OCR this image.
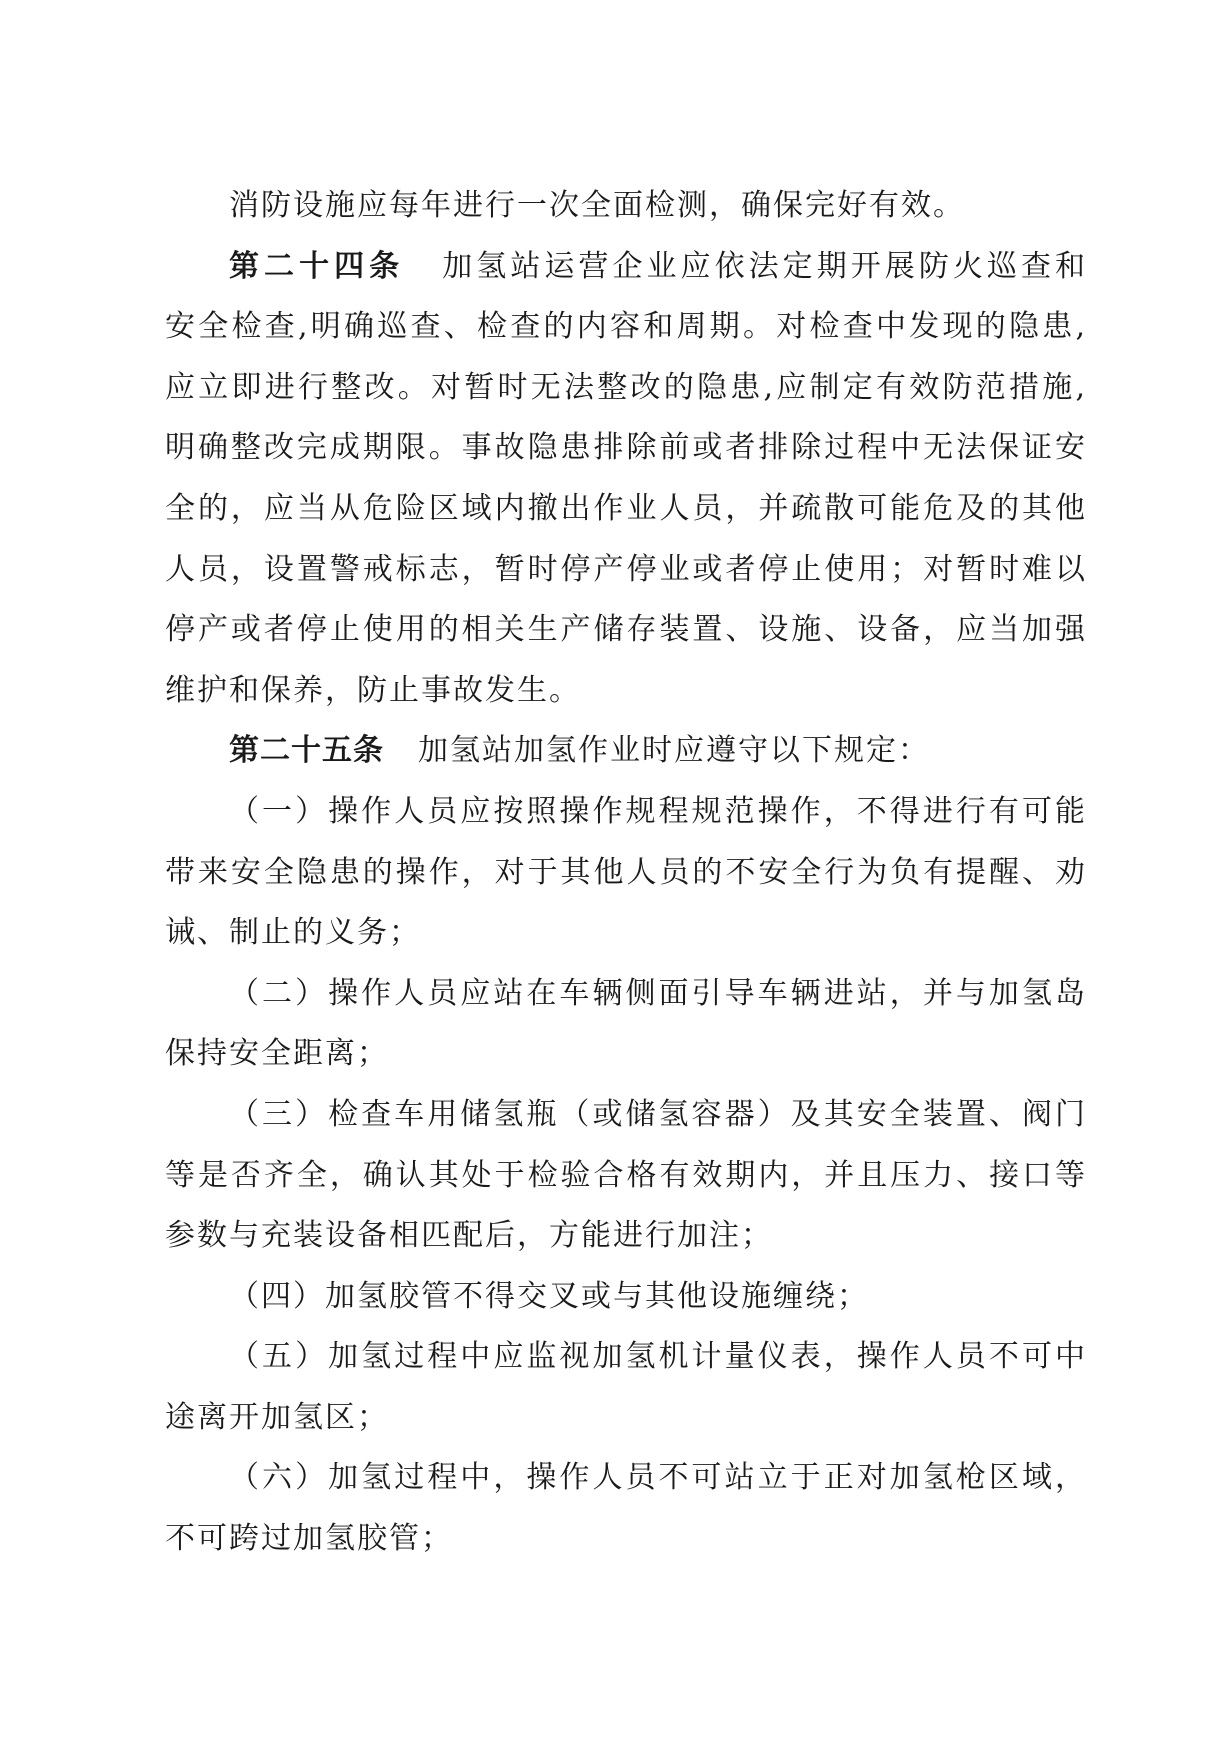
消防设施应每年进行一次全面检测，确保完好有效。
第二十四条 加氢站运营企业应依法定期开展防火巡查和
安全检查,明确巡查、检查的内容和周期。对检查中发现的隐患,
应立即进行整改。对暂时无法整改的隐患,应制定有效防范措施,
明确整改完成期限。事故隐患排除前或者排除过程中无法保证安
全的，应当从危险区域内撤出作业人员，并疏散可能危及的其他
人员，设置警戒标志，暂时停产停业或者停止使用；对暂时难以
停产或者停止使用的相关生产储存装置、设施、设备，应当加强
维护和保养，防止事故发生。
第二十五条 加氢站加氢作业时应遵守以下规定：
（一）操作人员应按照操作规程规范操作，不得进行有可能
带来安全隐患的操作，对于其他人员的不安全行为负有提醒、劝
诫、制止的义务；
（二）操作人员应站在车辆侧面引导车辆进站，并与加氢岛
保持安全距离；
（三）检查车用储氢瓶（或储氢容器）及其安全装置、阀门
等是否齐全，确认其处于检验合格有效期内，并且压力、接口等
参数与充装设备相匹配后，方能进行加注；
（四）加氢胶管不得交叉或与其他设施缠绕；
（五）加氢过程中应监视加氢机计量仪表，操作人员不可中
途离开加氢区；
（六）加氢过程中，操作人员不可站立于正对加氢枪区域，
不可跨过加氢胶管；
